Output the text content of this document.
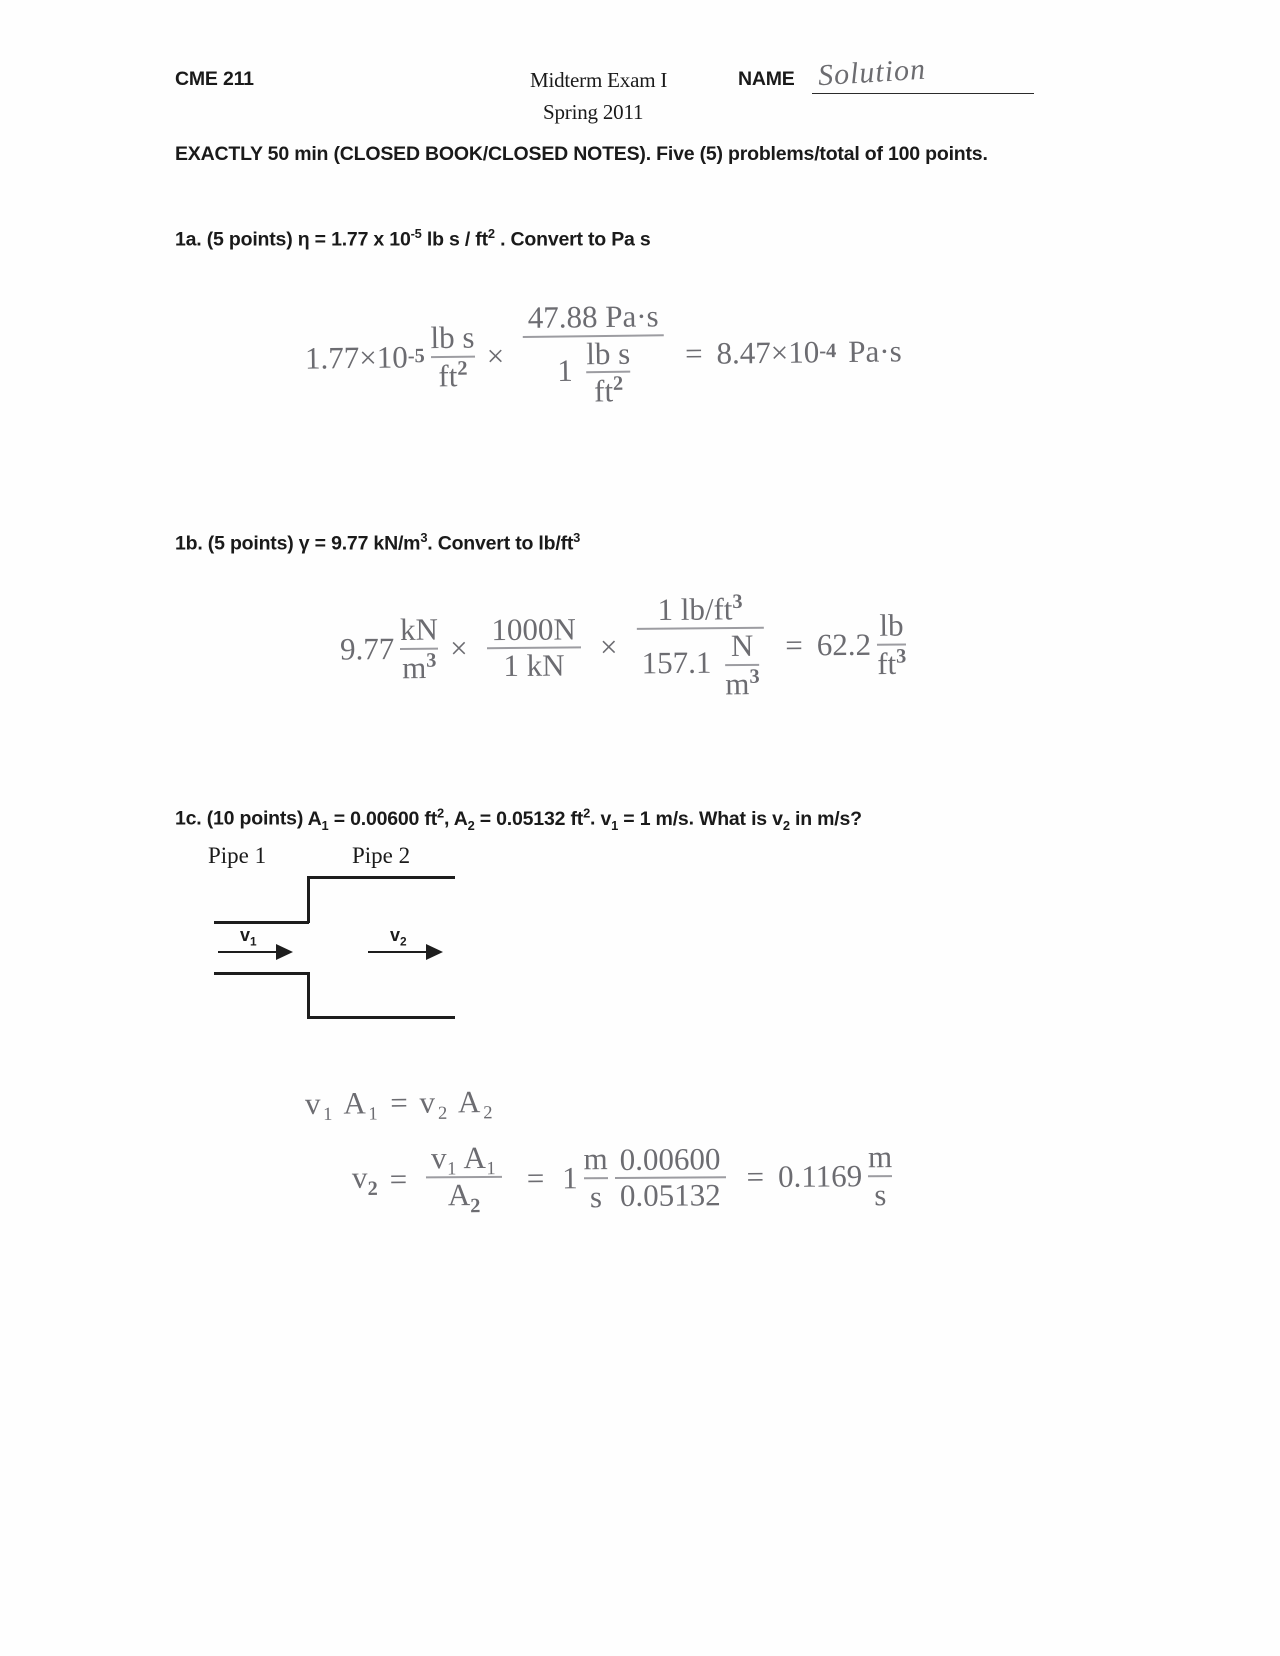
CME 211	Midterm Exam I
Spring 2011
NAME Solution
EXACTLY 50 min (CLOSED BOOK/CLOSED NOTES). Five (5) problems/total of 100 points.
1a. (5 points) η = 1.77 x $10^{-5}$ lb s / $ft^2$ . Convert to Pa s
1.77×10 $-5 \frac{\text{lb s}}{ft^2} \times \frac{47.88 Pa\cdot s}{1 \frac{\text{lb s}}{ft^2}} = 8.47\times 10$ -4 Pa·s
1b. (5 points) γ = 9.77 $kN/m^3$. Convert to $lb/ft^3$
$9.77 \frac{kN}{m^3} \times \frac{1000N}{1 kN} \times \frac{1 lb/ft^3}{157.1 \frac{N}{m^3}} = 62.2 \frac{lb}{ft^3}$
1c. (10 points) $A_1 = 0.00600$ $ft^2$, $A_2 = 0.05132$ $ft^2$. $v_1 = 1$ m/s. What is $v_2$ in m/s?
Pipe 1	Pipe 2
$v_1$	$v_2$
v₁ A₁ = v₂ A₂
$v_2 = \frac{\text{v₁ A₁}}{A_2} = 1 \frac{m}{s} \frac{0.00600}{0.05132} = 0.1169 \frac{m}{s}$
